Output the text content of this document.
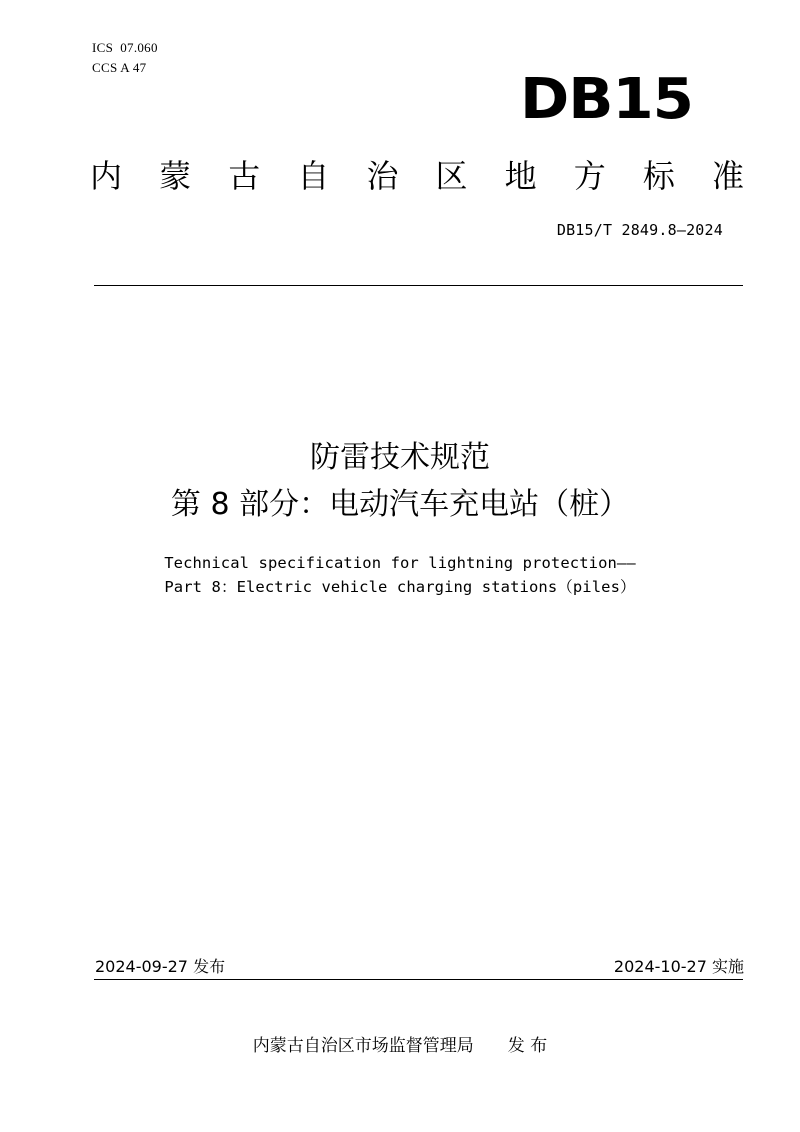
ICS  07.060
CCS A 47	DB15
内 蒙 古 自 治 区 地 方 标 准
DB15/T 2849.8—2024
防雷技术规范
第 8 部分：电动汽车充电站（桩）
Technical specification for lightning protection——
Part 8：Electric vehicle charging stations（piles）
2024-09-27 发布	2024-10-27 实施
内蒙古自治区市场监督管理局 发 布
